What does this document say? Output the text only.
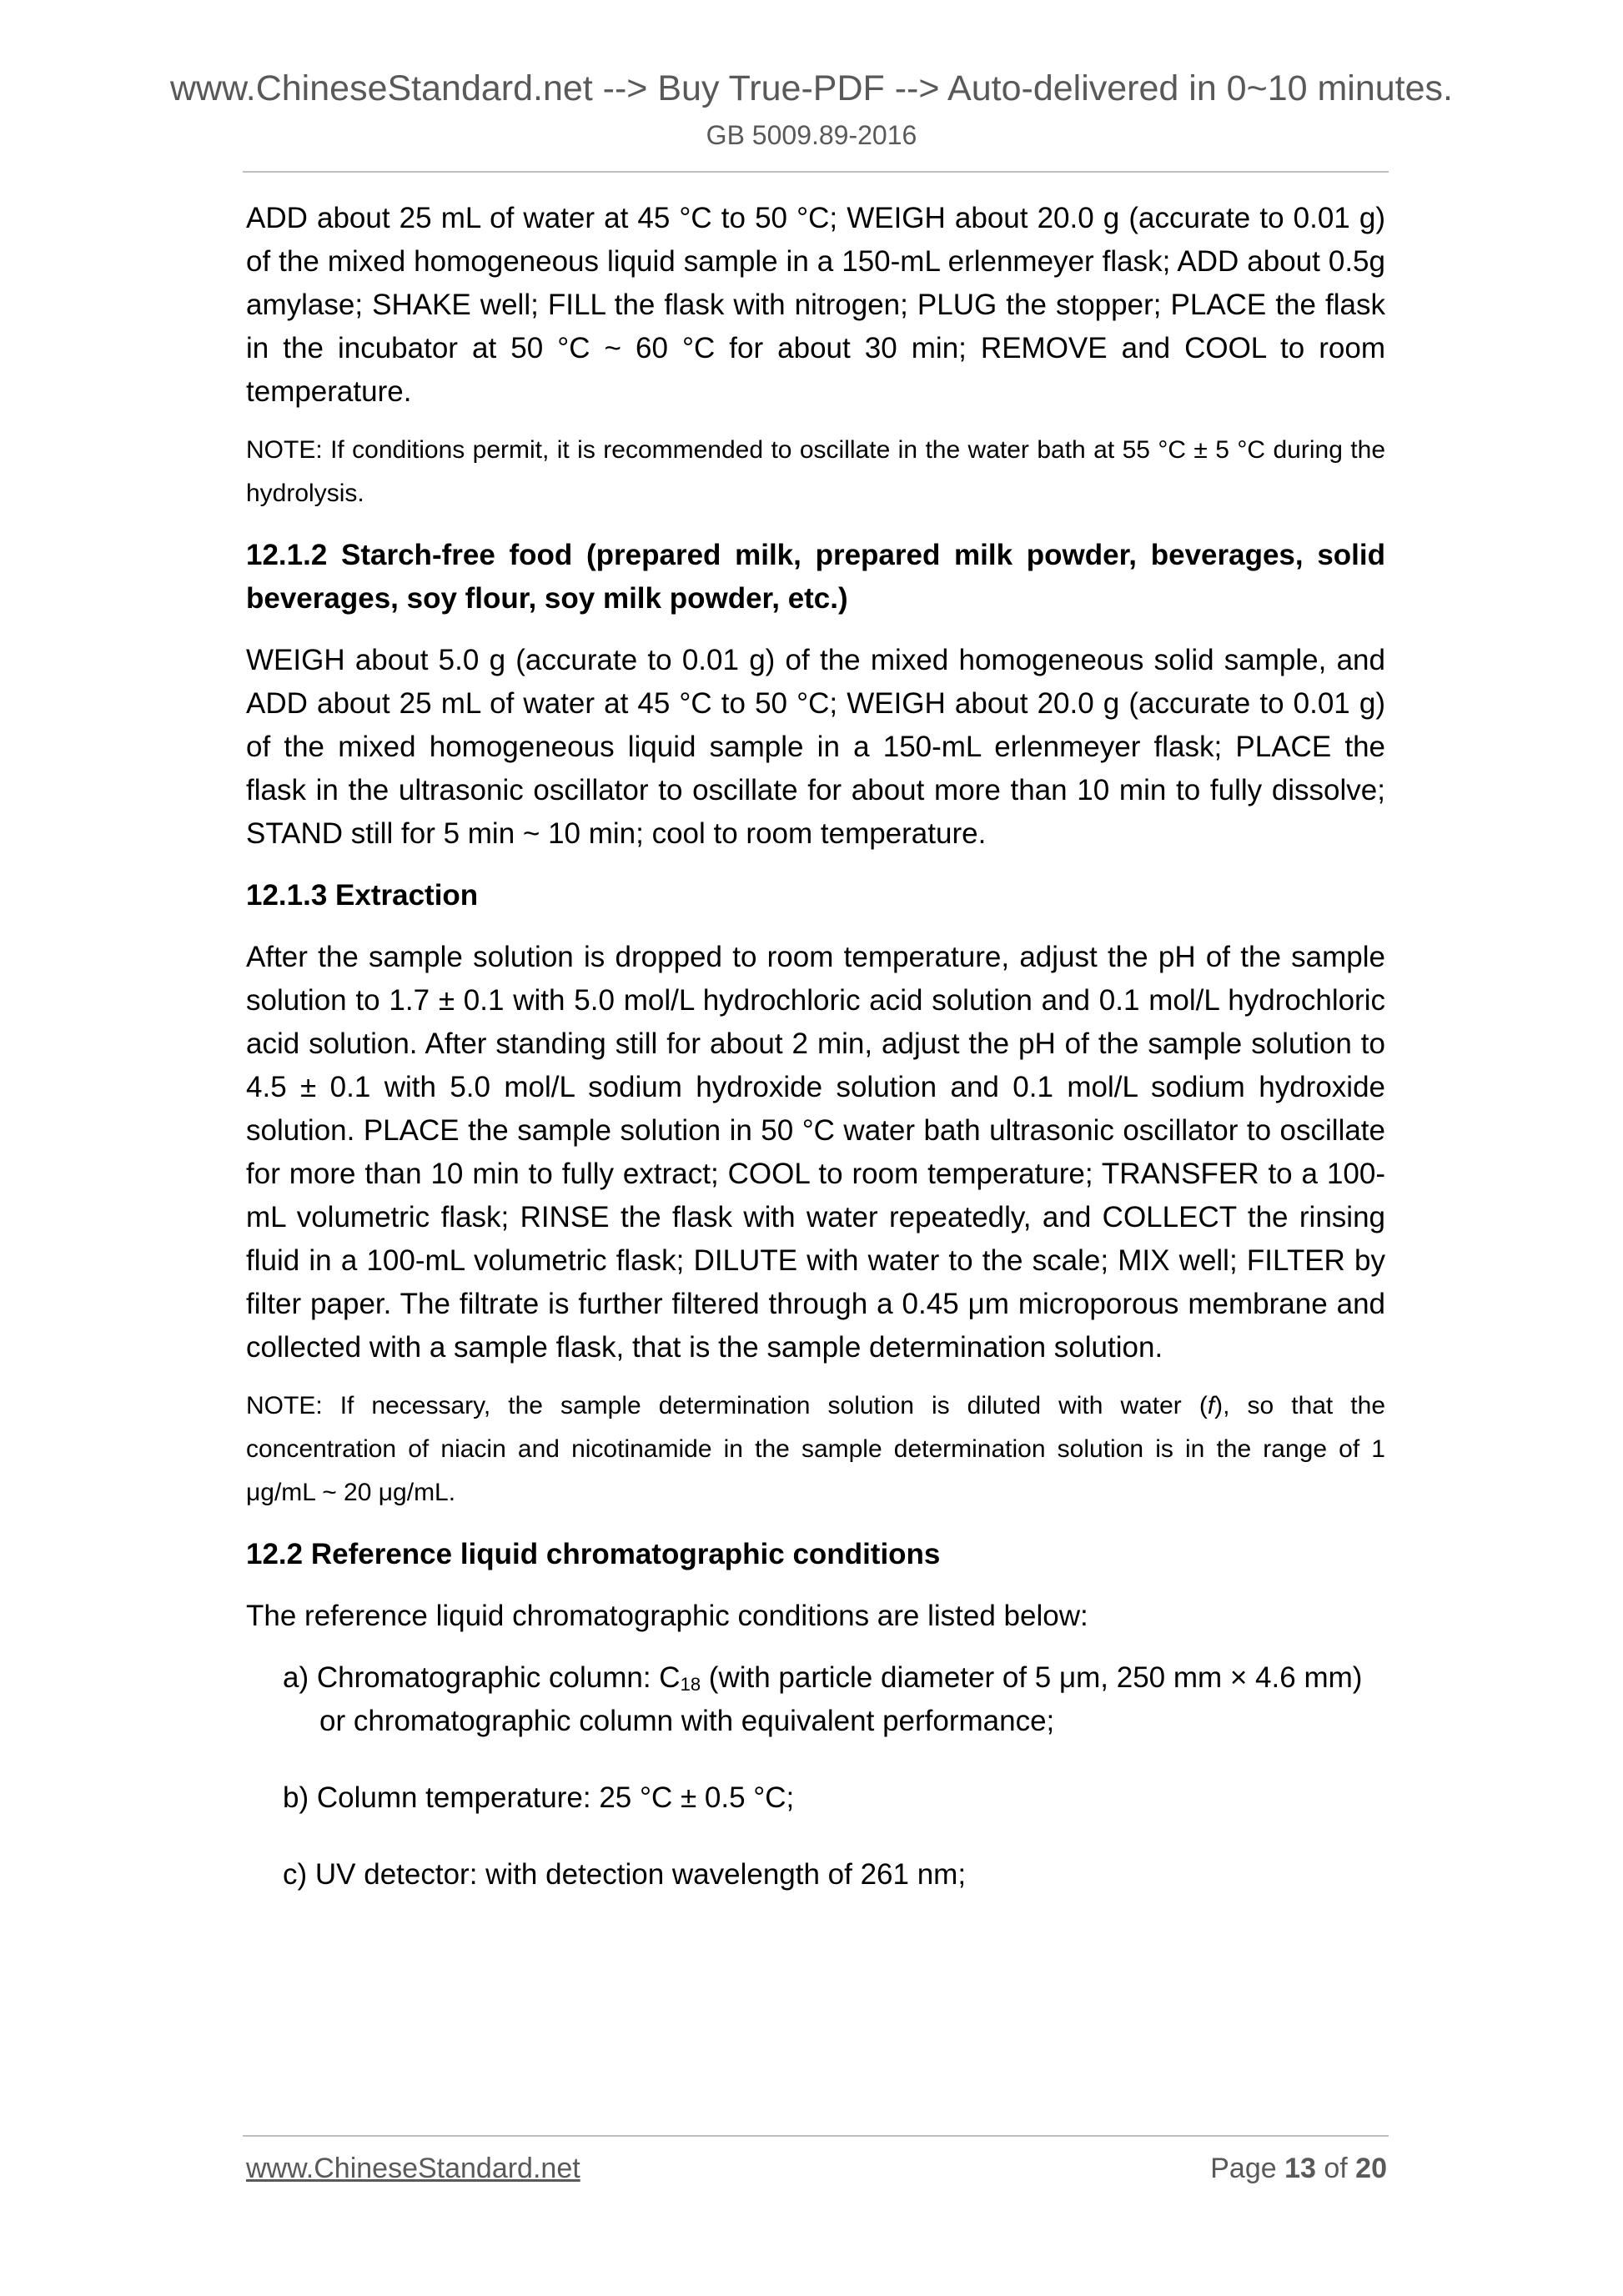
www.ChineseStandard.net --> Buy True-PDF --> Auto-delivered in 0~10 minutes.
GB 5009.89-2016

ADD about 25 mL of water at 45 °C to 50 °C; WEIGH about 20.0 g (accurate to 0.01 g) of the mixed homogeneous liquid sample in a 150-mL erlenmeyer flask; ADD about 0.5g amylase; SHAKE well; FILL the flask with nitrogen; PLUG the stopper; PLACE the flask in the incubator at 50 °C ~ 60 °C for about 30 min; REMOVE and COOL to room temperature.

NOTE: If conditions permit, it is recommended to oscillate in the water bath at 55 °C ± 5 °C during the hydrolysis.

12.1.2 Starch-free food (prepared milk, prepared milk powder, beverages, solid beverages, soy flour, soy milk powder, etc.)

WEIGH about 5.0 g (accurate to 0.01 g) of the mixed homogeneous solid sample, and ADD about 25 mL of water at 45 °C to 50 °C; WEIGH about 20.0 g (accurate to 0.01 g) of the mixed homogeneous liquid sample in a 150-mL erlenmeyer flask; PLACE the flask in the ultrasonic oscillator to oscillate for about more than 10 min to fully dissolve; STAND still for 5 min ~ 10 min; cool to room temperature.

12.1.3 Extraction

After the sample solution is dropped to room temperature, adjust the pH of the sample solution to 1.7 ± 0.1 with 5.0 mol/L hydrochloric acid solution and 0.1 mol/L hydrochloric acid solution. After standing still for about 2 min, adjust the pH of the sample solution to 4.5 ± 0.1 with 5.0 mol/L sodium hydroxide solution and 0.1 mol/L sodium hydroxide solution. PLACE the sample solution in 50 °C water bath ultrasonic oscillator to oscillate for more than 10 min to fully extract; COOL to room temperature; TRANSFER to a 100-mL volumetric flask; RINSE the flask with water repeatedly, and COLLECT the rinsing fluid in a 100-mL volumetric flask; DILUTE with water to the scale; MIX well; FILTER by filter paper. The filtrate is further filtered through a 0.45 μm microporous membrane and collected with a sample flask, that is the sample determination solution.

NOTE: If necessary, the sample determination solution is diluted with water (f), so that the concentration of niacin and nicotinamide in the sample determination solution is in the range of 1 μg/mL ~ 20 μg/mL.

12.2 Reference liquid chromatographic conditions

The reference liquid chromatographic conditions are listed below:

a) Chromatographic column: $C_{18}$ (with particle diameter of 5 μm, 250 mm × 4.6 mm) or chromatographic column with equivalent performance;

b) Column temperature: 25 °C ± 0.5 °C;

c) UV detector: with detection wavelength of 261 nm;

www.ChineseStandard.net	Page 13 of 20
